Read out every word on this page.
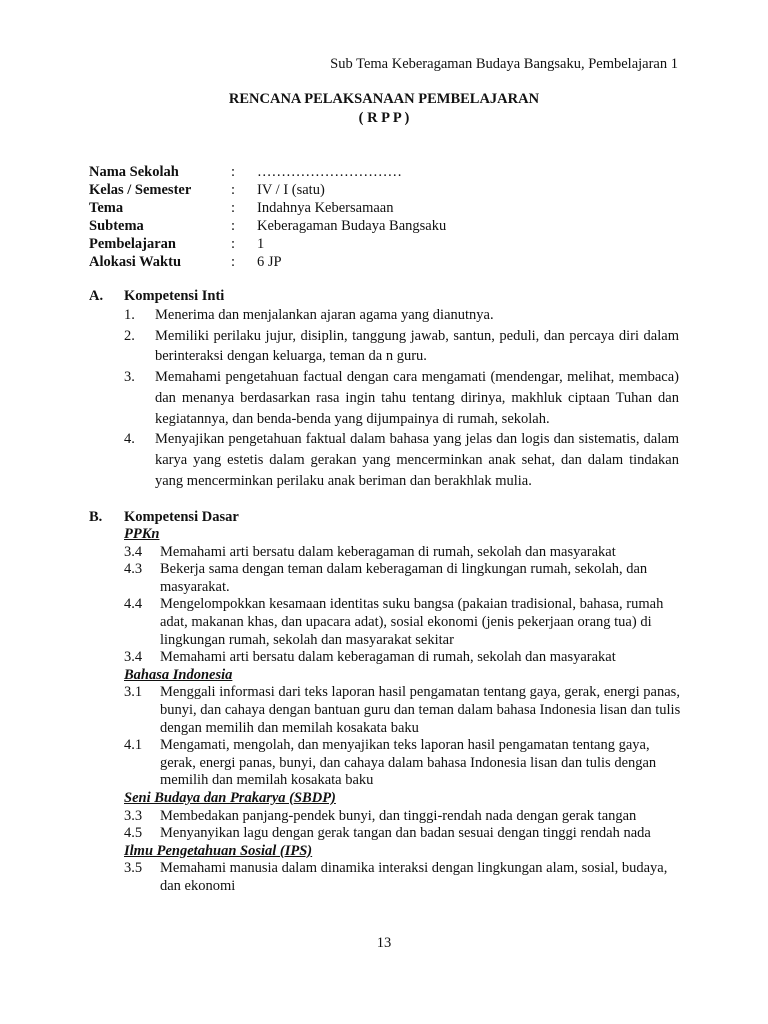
Sub Tema Keberagaman Budaya Bangsaku, Pembelajaran 1
RENCANA PELAKSANAAN PEMBELAJARAN
( R P P )
Nama Sekolah	:	…………………………
Kelas / Semester	:	IV / I (satu)
Tema	:	Indahnya Kebersamaan
Subtema	:	Keberagaman Budaya Bangsaku
Pembelajaran	:	1
Alokasi Waktu	:	6 JP
A. Kompetensi Inti
1.	Menerima dan menjalankan ajaran agama yang dianutnya.
2.	Memiliki perilaku jujur, disiplin, tanggung jawab, santun, peduli, dan percaya diri dalam berinteraksi dengan keluarga, teman da n guru.
3.	Memahami pengetahuan factual dengan cara mengamati (mendengar, melihat, membaca) dan menanya berdasarkan rasa ingin tahu tentang dirinya, makhluk ciptaan Tuhan dan kegiatannya, dan benda-benda yang dijumpainya di rumah, sekolah.
4.	Menyajikan pengetahuan faktual dalam bahasa yang jelas dan logis dan sistematis, dalam karya yang estetis dalam gerakan yang mencerminkan anak sehat, dan dalam tindakan yang mencerminkan perilaku anak beriman dan berakhlak mulia.
B. Kompetensi Dasar
PPKn
3.4	Memahami arti bersatu dalam keberagaman di rumah, sekolah dan masyarakat
4.3	Bekerja sama dengan teman dalam keberagaman di lingkungan rumah, sekolah, dan masyarakat.
4.4	Mengelompokkan kesamaan identitas suku bangsa (pakaian tradisional, bahasa, rumah adat, makanan khas, dan upacara adat), sosial ekonomi (jenis pekerjaan orang tua) di lingkungan rumah, sekolah dan masyarakat sekitar
3.4	Memahami arti bersatu dalam keberagaman di rumah, sekolah dan masyarakat
Bahasa Indonesia
3.1	Menggali informasi dari teks laporan hasil pengamatan tentang gaya, gerak, energi panas, bunyi, dan cahaya dengan bantuan guru dan teman dalam bahasa Indonesia lisan dan tulis dengan memilih dan memilah kosakata baku
4.1	Mengamati, mengolah, dan menyajikan teks laporan hasil pengamatan tentang gaya, gerak, energi panas, bunyi, dan cahaya dalam bahasa Indonesia lisan dan tulis dengan memilih dan memilah kosakata baku
Seni Budaya dan Prakarya (SBDP)
3.3	Membedakan panjang-pendek bunyi, dan tinggi-rendah nada dengan gerak tangan
4.5	Menyanyikan lagu dengan gerak tangan dan badan sesuai dengan tinggi rendah nada
Ilmu Pengetahuan Sosial (IPS)
3.5	Memahami manusia dalam dinamika interaksi dengan lingkungan alam, sosial, budaya, dan ekonomi
13
